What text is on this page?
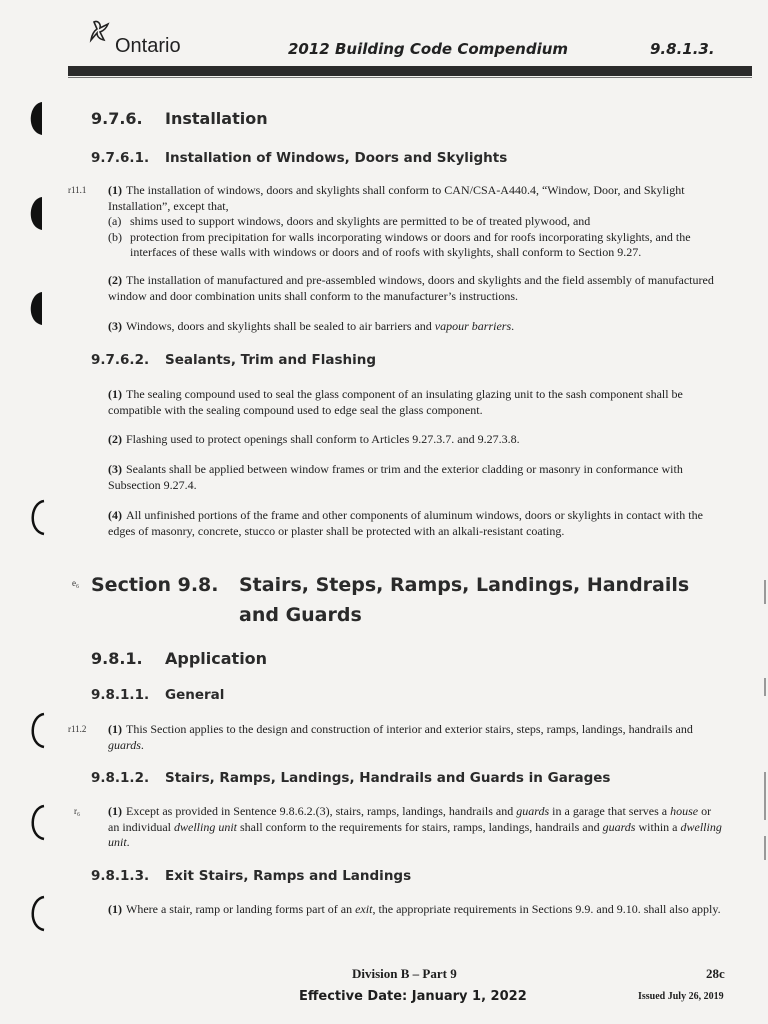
Ontario	2012 Building Code Compendium	9.8.1.3.
9.7.6. Installation
9.7.6.1. Installation of Windows, Doors and Skylights
r11.1 (1) The installation of windows, doors and skylights shall conform to CAN/CSA-A440.4, “Window, Door, and Skylight Installation”, except that,
(a) shims used to support windows, doors and skylights are permitted to be of treated plywood, and
(b) protection from precipitation for walls incorporating windows or doors and for roofs incorporating skylights, and the interfaces of these walls with windows or doors and of roofs with skylights, shall conform to Section 9.27.
(2) The installation of manufactured and pre-assembled windows, doors and skylights and the field assembly of manufactured window and door combination units shall conform to the manufacturer’s instructions.
(3) Windows, doors and skylights shall be sealed to air barriers and vapour barriers.
9.7.6.2. Sealants, Trim and Flashing
(1) The sealing compound used to seal the glass component of an insulating glazing unit to the sash component shall be compatible with the sealing compound used to edge seal the glass component.
(2) Flashing used to protect openings shall conform to Articles 9.27.3.7. and 9.27.3.8.
(3) Sealants shall be applied between window frames or trim and the exterior cladding or masonry in conformance with Subsection 9.27.4.
(4) All unfinished portions of the frame and other components of aluminum windows, doors or skylights in contact with the edges of masonry, concrete, stucco or plaster shall be protected with an alkali-resistant coating.
e₆ Section 9.8. Stairs, Steps, Ramps, Landings, Handrails
and Guards
9.8.1. Application
9.8.1.1. General
r11.2 (1) This Section applies to the design and construction of interior and exterior stairs, steps, ramps, landings, handrails and guards.
9.8.1.2. Stairs, Ramps, Landings, Handrails and Guards in Garages
r₆ (1) Except as provided in Sentence 9.8.6.2.(3), stairs, ramps, landings, handrails and guards in a garage that serves a house or an individual dwelling unit shall conform to the requirements for stairs, ramps, landings, handrails and guards within a dwelling unit.
9.8.1.3. Exit Stairs, Ramps and Landings
(1) Where a stair, ramp or landing forms part of an exit, the appropriate requirements in Sections 9.9. and 9.10. shall also apply.
Division B – Part 9	28c
Effective Date: January 1, 2022	Issued July 26, 2019
